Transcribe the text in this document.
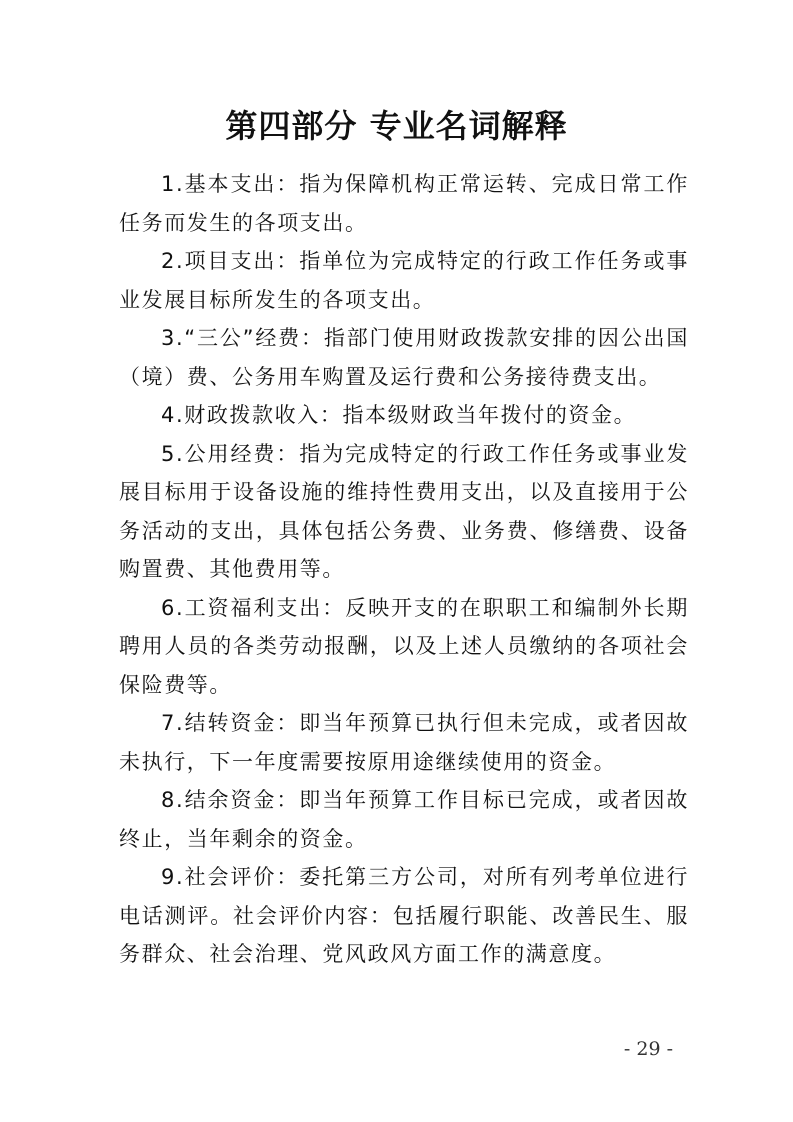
第四部分 专业名词解释

1.基本支出：指为保障机构正常运转、完成日常工作任务而发生的各项支出。

2.项目支出：指单位为完成特定的行政工作任务或事业发展目标所发生的各项支出。

3.“三公”经费：指部门使用财政拨款安排的因公出国（境）费、公务用车购置及运行费和公务接待费支出。

4.财政拨款收入：指本级财政当年拨付的资金。

5.公用经费：指为完成特定的行政工作任务或事业发展目标用于设备设施的维持性费用支出，以及直接用于公务活动的支出，具体包括公务费、业务费、修缮费、设备购置费、其他费用等。

6.工资福利支出：反映开支的在职职工和编制外长期聘用人员的各类劳动报酬，以及上述人员缴纳的各项社会保险费等。

7.结转资金：即当年预算已执行但未完成，或者因故未执行，下一年度需要按原用途继续使用的资金。

8.结余资金：即当年预算工作目标已完成，或者因故终止，当年剩余的资金。

9.社会评价：委托第三方公司，对所有列考单位进行电话测评。社会评价内容：包括履行职能、改善民生、服务群众、社会治理、党风政风方面工作的满意度。

- 29 -
